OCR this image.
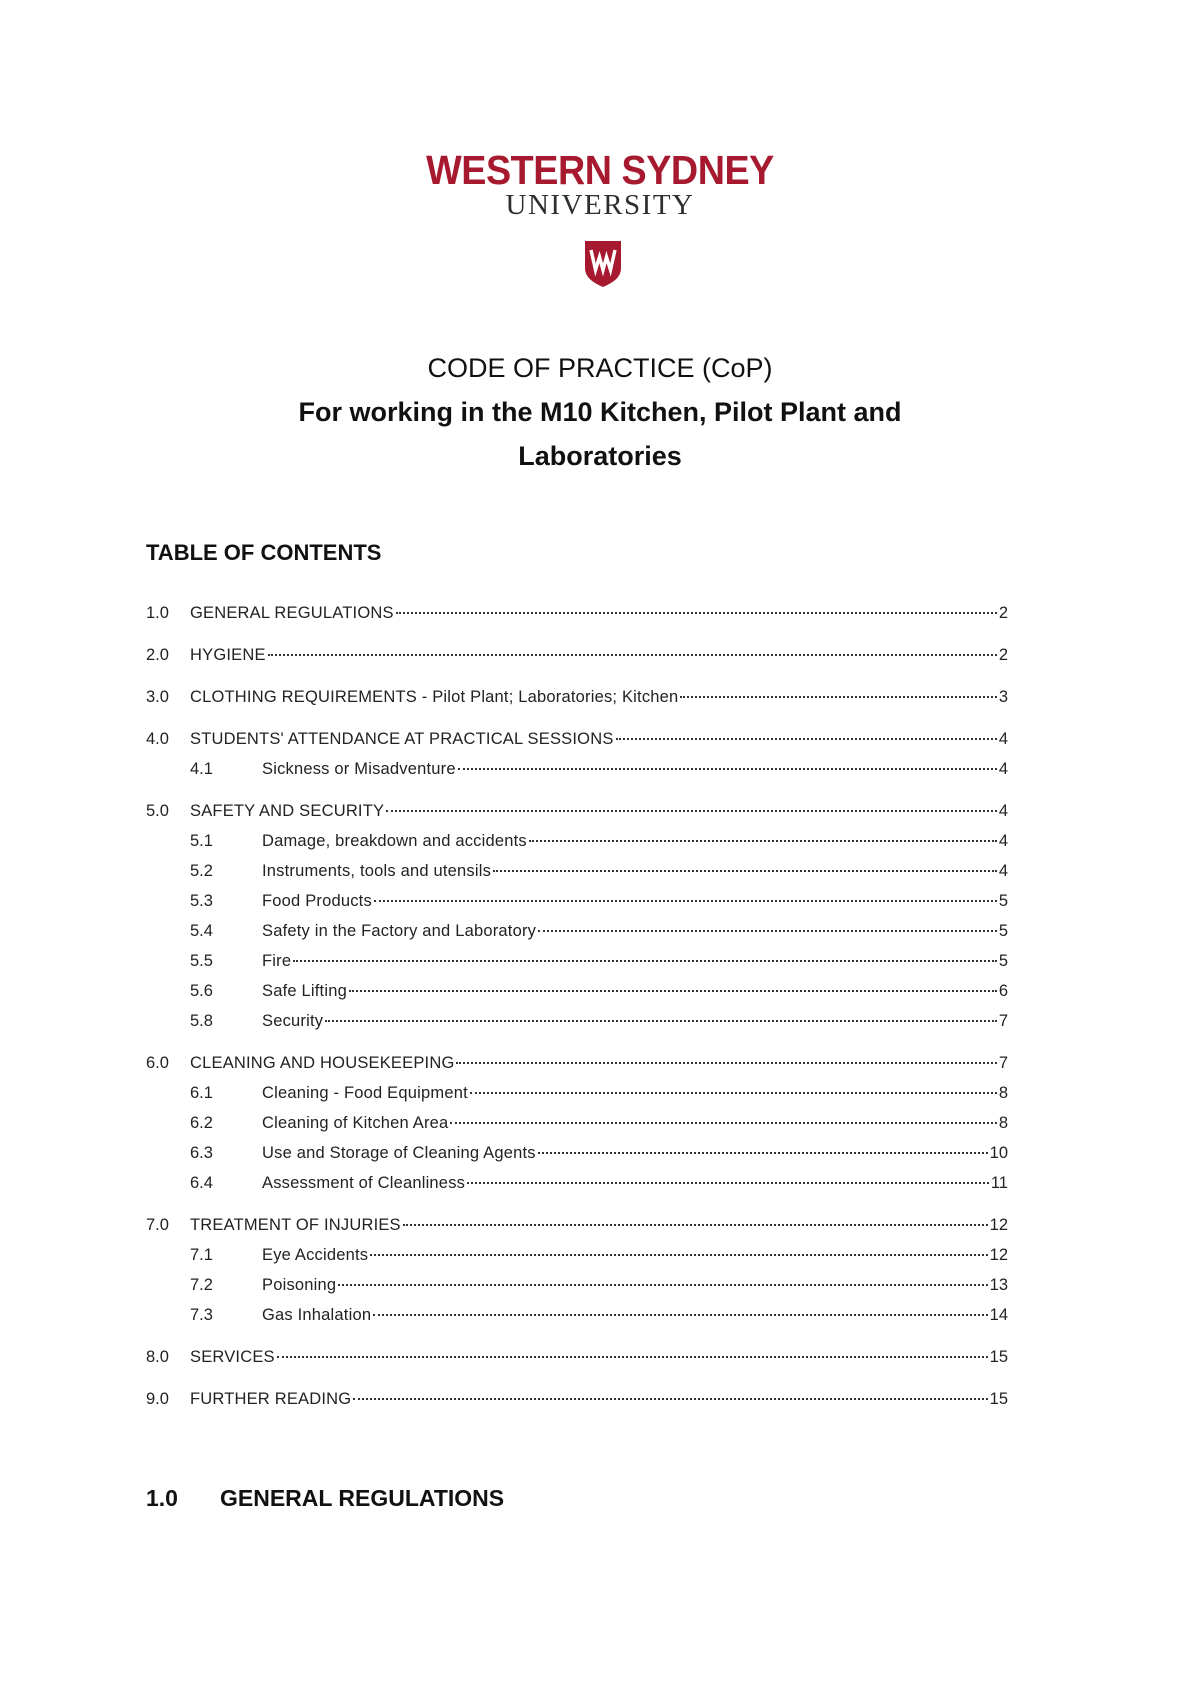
WESTERN SYDNEY
UNIVERSITY
CODE OF PRACTICE (CoP)
For working in the M10 Kitchen, Pilot Plant and
Laboratories
TABLE OF CONTENTS
1.0	GENERAL REGULATIONS	2
2.0	HYGIENE	2
3.0	CLOTHING REQUIREMENTS - Pilot Plant; Laboratories; Kitchen	3
4.0	STUDENTS' ATTENDANCE AT PRACTICAL SESSIONS	4
4.1	Sickness or Misadventure	4
5.0	SAFETY AND SECURITY	4
5.1	Damage, breakdown and accidents	4
5.2	Instruments, tools and utensils	4
5.3	Food Products	5
5.4	Safety in the Factory and Laboratory	5
5.5	Fire	5
5.6	Safe Lifting	6
5.8	Security	7
6.0	CLEANING AND HOUSEKEEPING	7
6.1	Cleaning - Food Equipment	8
6.2	Cleaning of Kitchen Area	8
6.3	Use and Storage of Cleaning Agents	10
6.4	Assessment of Cleanliness	11
7.0	TREATMENT OF INJURIES	12
7.1	Eye Accidents	12
7.2	Poisoning	13
7.3	Gas Inhalation	14
8.0	SERVICES	15
9.0	FURTHER READING	15
1.0	GENERAL REGULATIONS
